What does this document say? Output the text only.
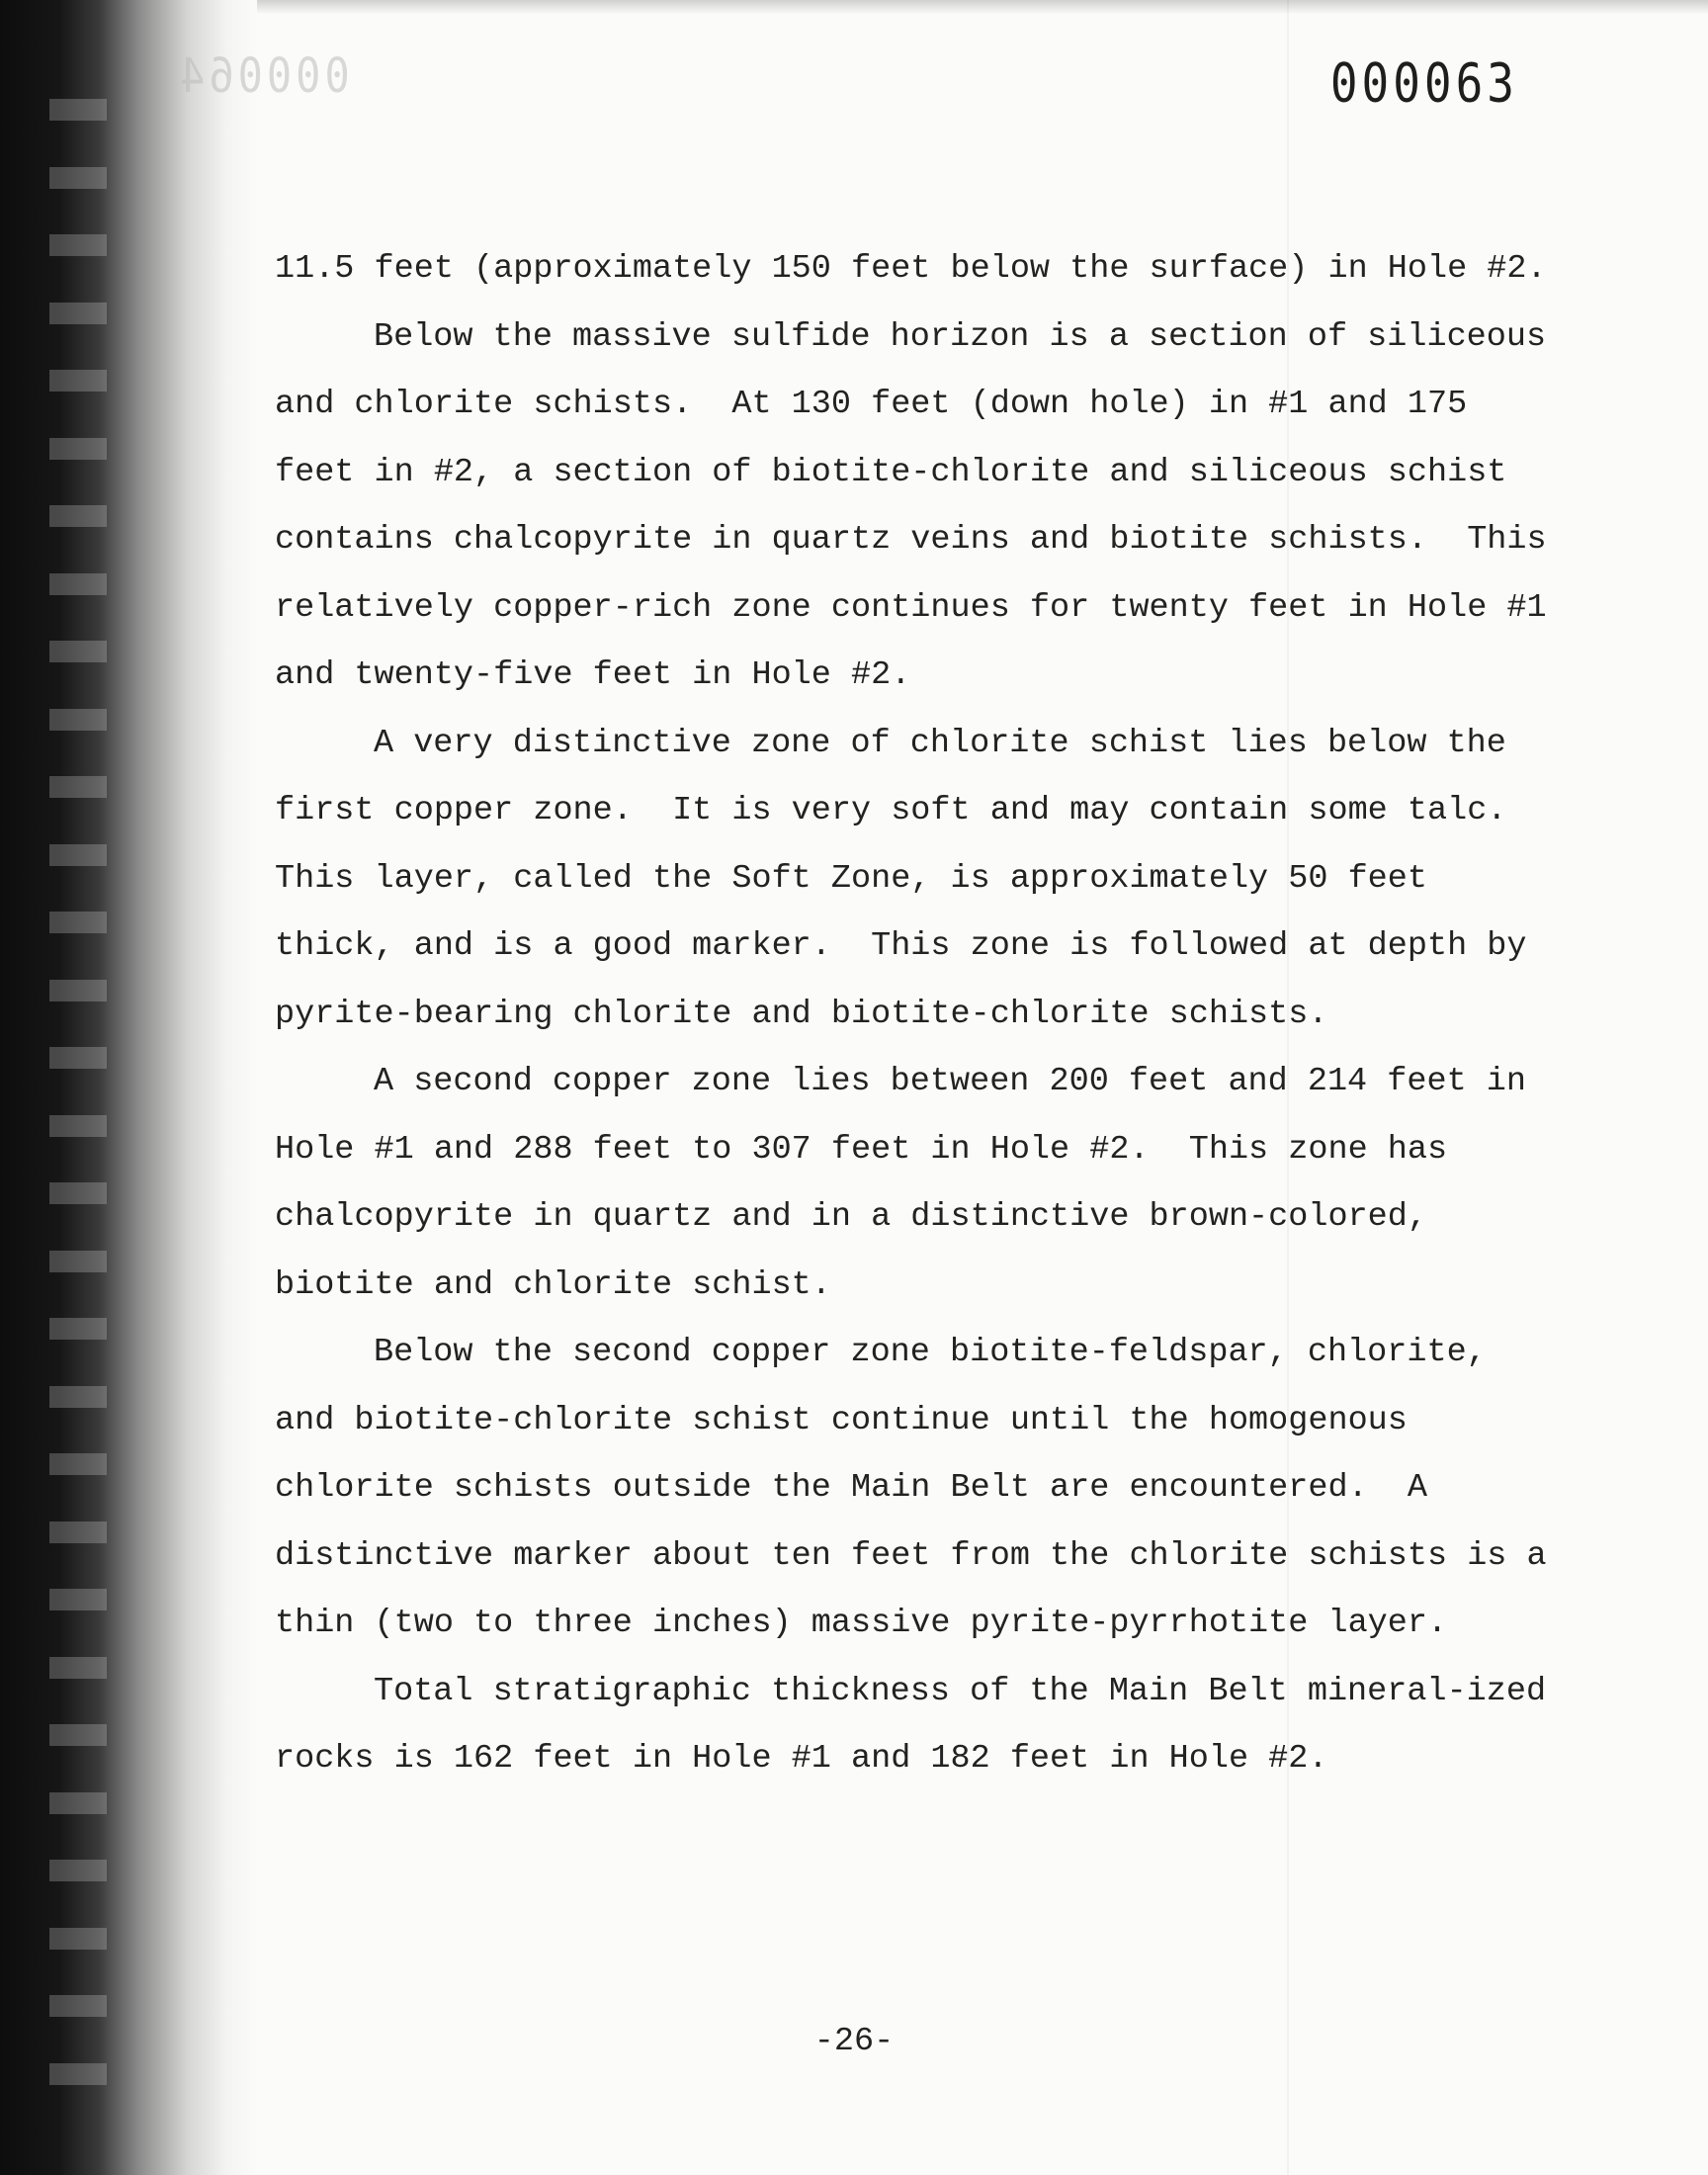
000064	000063

11.5 feet (approximately 150 feet below the surface) in Hole #2.

Below the massive sulfide horizon is a section of siliceous and chlorite schists.  At 130 feet (down hole) in #1 and 175 feet in #2, a section of biotite-chlorite and siliceous schist contains chalcopyrite in quartz veins and biotite schists.  This relatively copper-rich zone continues for twenty feet in Hole #1 and twenty-five feet in Hole #2.

A very distinctive zone of chlorite schist lies below the first copper zone.  It is very soft and may contain some talc.  This layer, called the Soft Zone, is approximately 50 feet thick, and is a good marker.  This zone is followed at depth by pyrite-bearing chlorite and biotite-chlorite schists.

A second copper zone lies between 200 feet and 214 feet in Hole #1 and 288 feet to 307 feet in Hole #2.  This zone has chalcopyrite in quartz and in a distinctive brown-colored, biotite and chlorite schist.

Below the second copper zone biotite-feldspar, chlorite, and biotite-chlorite schist continue until the homogenous chlorite schists outside the Main Belt are encountered.  A distinctive marker about ten feet from the chlorite schists is a thin (two to three inches) massive pyrite-pyrrhotite layer.

Total stratigraphic thickness of the Main Belt mineral-ized rocks is 162 feet in Hole #1 and 182 feet in Hole #2.

-26-
